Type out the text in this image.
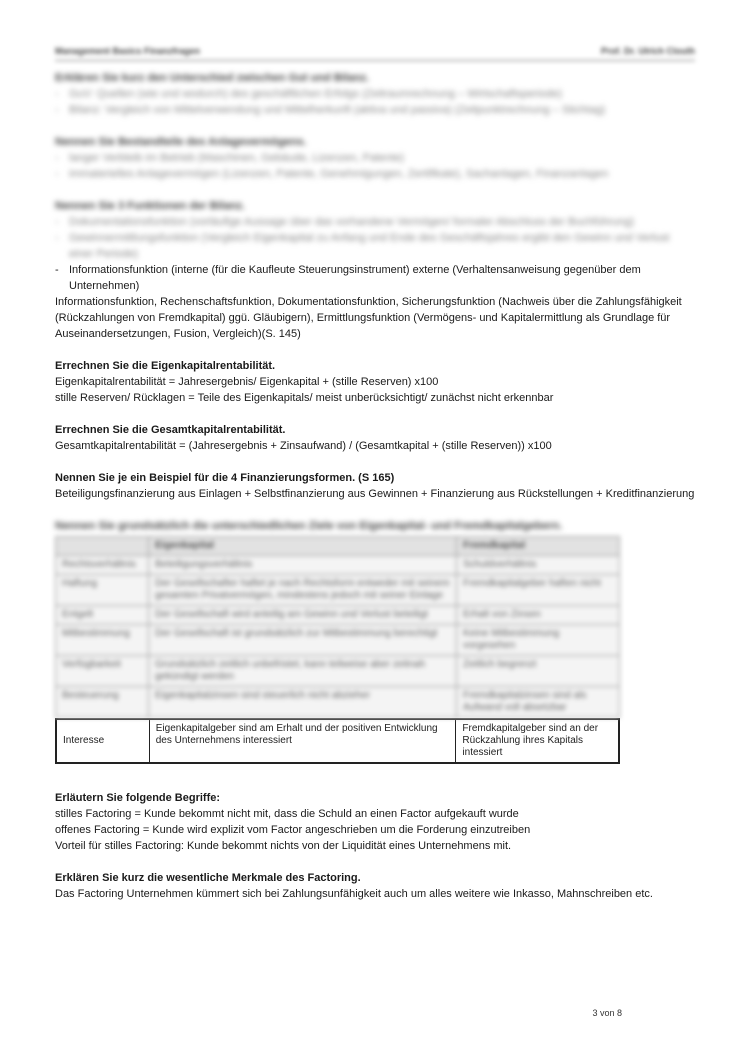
Management Basics Finanzfragen	Prof. Dr. Ulrich Clouth
Erklären Sie kurz den Unterschied zwischen Gut und Bilanz.
- GuV: Quellen (wie und wodurch) des geschäftlichen Erfolgs (Zeitraumrechnung – Wirtschaftsperiode)
- Bilanz: Vergleich von Mittelverwendung und Mittelherkunft (aktiva und passiva) (Zeitpunktrechnung – Stichtag)
Nennen Sie Bestandteile des Anlagevermögens.
- langer Verbleib im Betrieb (Maschinen, Gebäude, Lizenzen, Patente)
- immaterielles Anlagevermögen (Lizenzen, Patente, Genehmigungen, Zertifikate), Sachanlagen, Finanzanlagen
Nennen Sie 3 Funktionen der Bilanz.
- Dokumentationsfunktion (vorläufige Aussage über das vorhandene Vermögen/ formaler Abschluss der Buchführung)
- Gewinnermittlungsfunktion (Vergleich Eigenkapital zu Anfang und Ende des Geschäftsjahres ergibt den Gewinn und Verlust einer Periode)
- Informationsfunktion (interne (für die Kaufleute Steuerungsinstrument) externe (Verhaltensanweisung gegenüber dem Unternehmen)
Informationsfunktion, Rechenschaftsfunktion, Dokumentationsfunktion, Sicherungsfunktion (Nachweis über die Zahlungsfähigkeit (Rückzahlungen von Fremdkapital) ggü. Gläubigern), Ermittlungsfunktion (Vermögens- und Kapitalermittlung als Grundlage für Auseinandersetzungen, Fusion, Vergleich)(S. 145)
Errechnen Sie die Eigenkapitalrentabilität.
Eigenkapitalrentabilität = Jahresergebnis/ Eigenkapital + (stille Reserven) x100
stille Reserven/ Rücklagen = Teile des Eigenkapitals/ meist unberücksichtigt/ zunächst nicht erkennbar
Errechnen Sie die Gesamtkapitalrentabilität.
Gesamtkapitalrentabilität = (Jahresergebnis + Zinsaufwand) / (Gesamtkapital + (stille Reserven)) x100
Nennen Sie je ein Beispiel für die 4 Finanzierungsformen. (S 165)
Beteiligungsfinanzierung aus Einlagen + Selbstfinanzierung aus Gewinnen + Finanzierung aus Rückstellungen + Kreditfinanzierung
Nennen Sie grundsätzlich die unterschiedlichen Ziele von Eigenkapital- und Fremdkapitalgebern.
	Eigenkapital	Fremdkapital
Rechtsverhältnis	Beteiligungsverhältnis	Schuldverhältnis
Haftung	Der Gesellschafter haftet je nach Rechtsform entweder mit seinem gesamten Privatvermögen, mindestens jedoch mit seiner Einlage	Fremdkapitalgeber haften nicht
Entgelt	Der Gesellschaft wird anteilig am Gewinn und Verlust beteiligt	Erhalt von Zinsen
Mitbestimmung	Der Gesellschaft ist grundsätzlich zur Mitbestimmung berechtigt	Keine Mitbestimmung vorgesehen
Verfügbarkeit	Grundsätzlich zeitlich unbefristet, kann teilweise aber zeitnah gekündigt werden	Zeitlich begrenzt
Besteuerung	Eigenkapitalzinsen sind steuerlich nicht abzieher	Fremdkapitalzinsen sind als Aufwand voll absetzbar
Interesse	Eigenkapitalgeber sind am Erhalt und der positiven Entwicklung des Unternehmens interessiert	Fremdkapitalgeber sind an der Rückzahlung ihres Kapitals intessiert
Erläutern Sie folgende Begriffe:
stilles Factoring = Kunde bekommt nicht mit, dass die Schuld an einen Factor aufgekauft wurde
offenes Factoring = Kunde wird explizit vom Factor angeschrieben um die Forderung einzutreiben
Vorteil für stilles Factoring: Kunde bekommt nichts von der Liquidität eines Unternehmens mit.
Erklären Sie kurz die wesentliche Merkmale des Factoring.
Das Factoring Unternehmen kümmert sich bei Zahlungsunfähigkeit auch um alles weitere wie Inkasso, Mahnschreiben etc.
3 von 8
